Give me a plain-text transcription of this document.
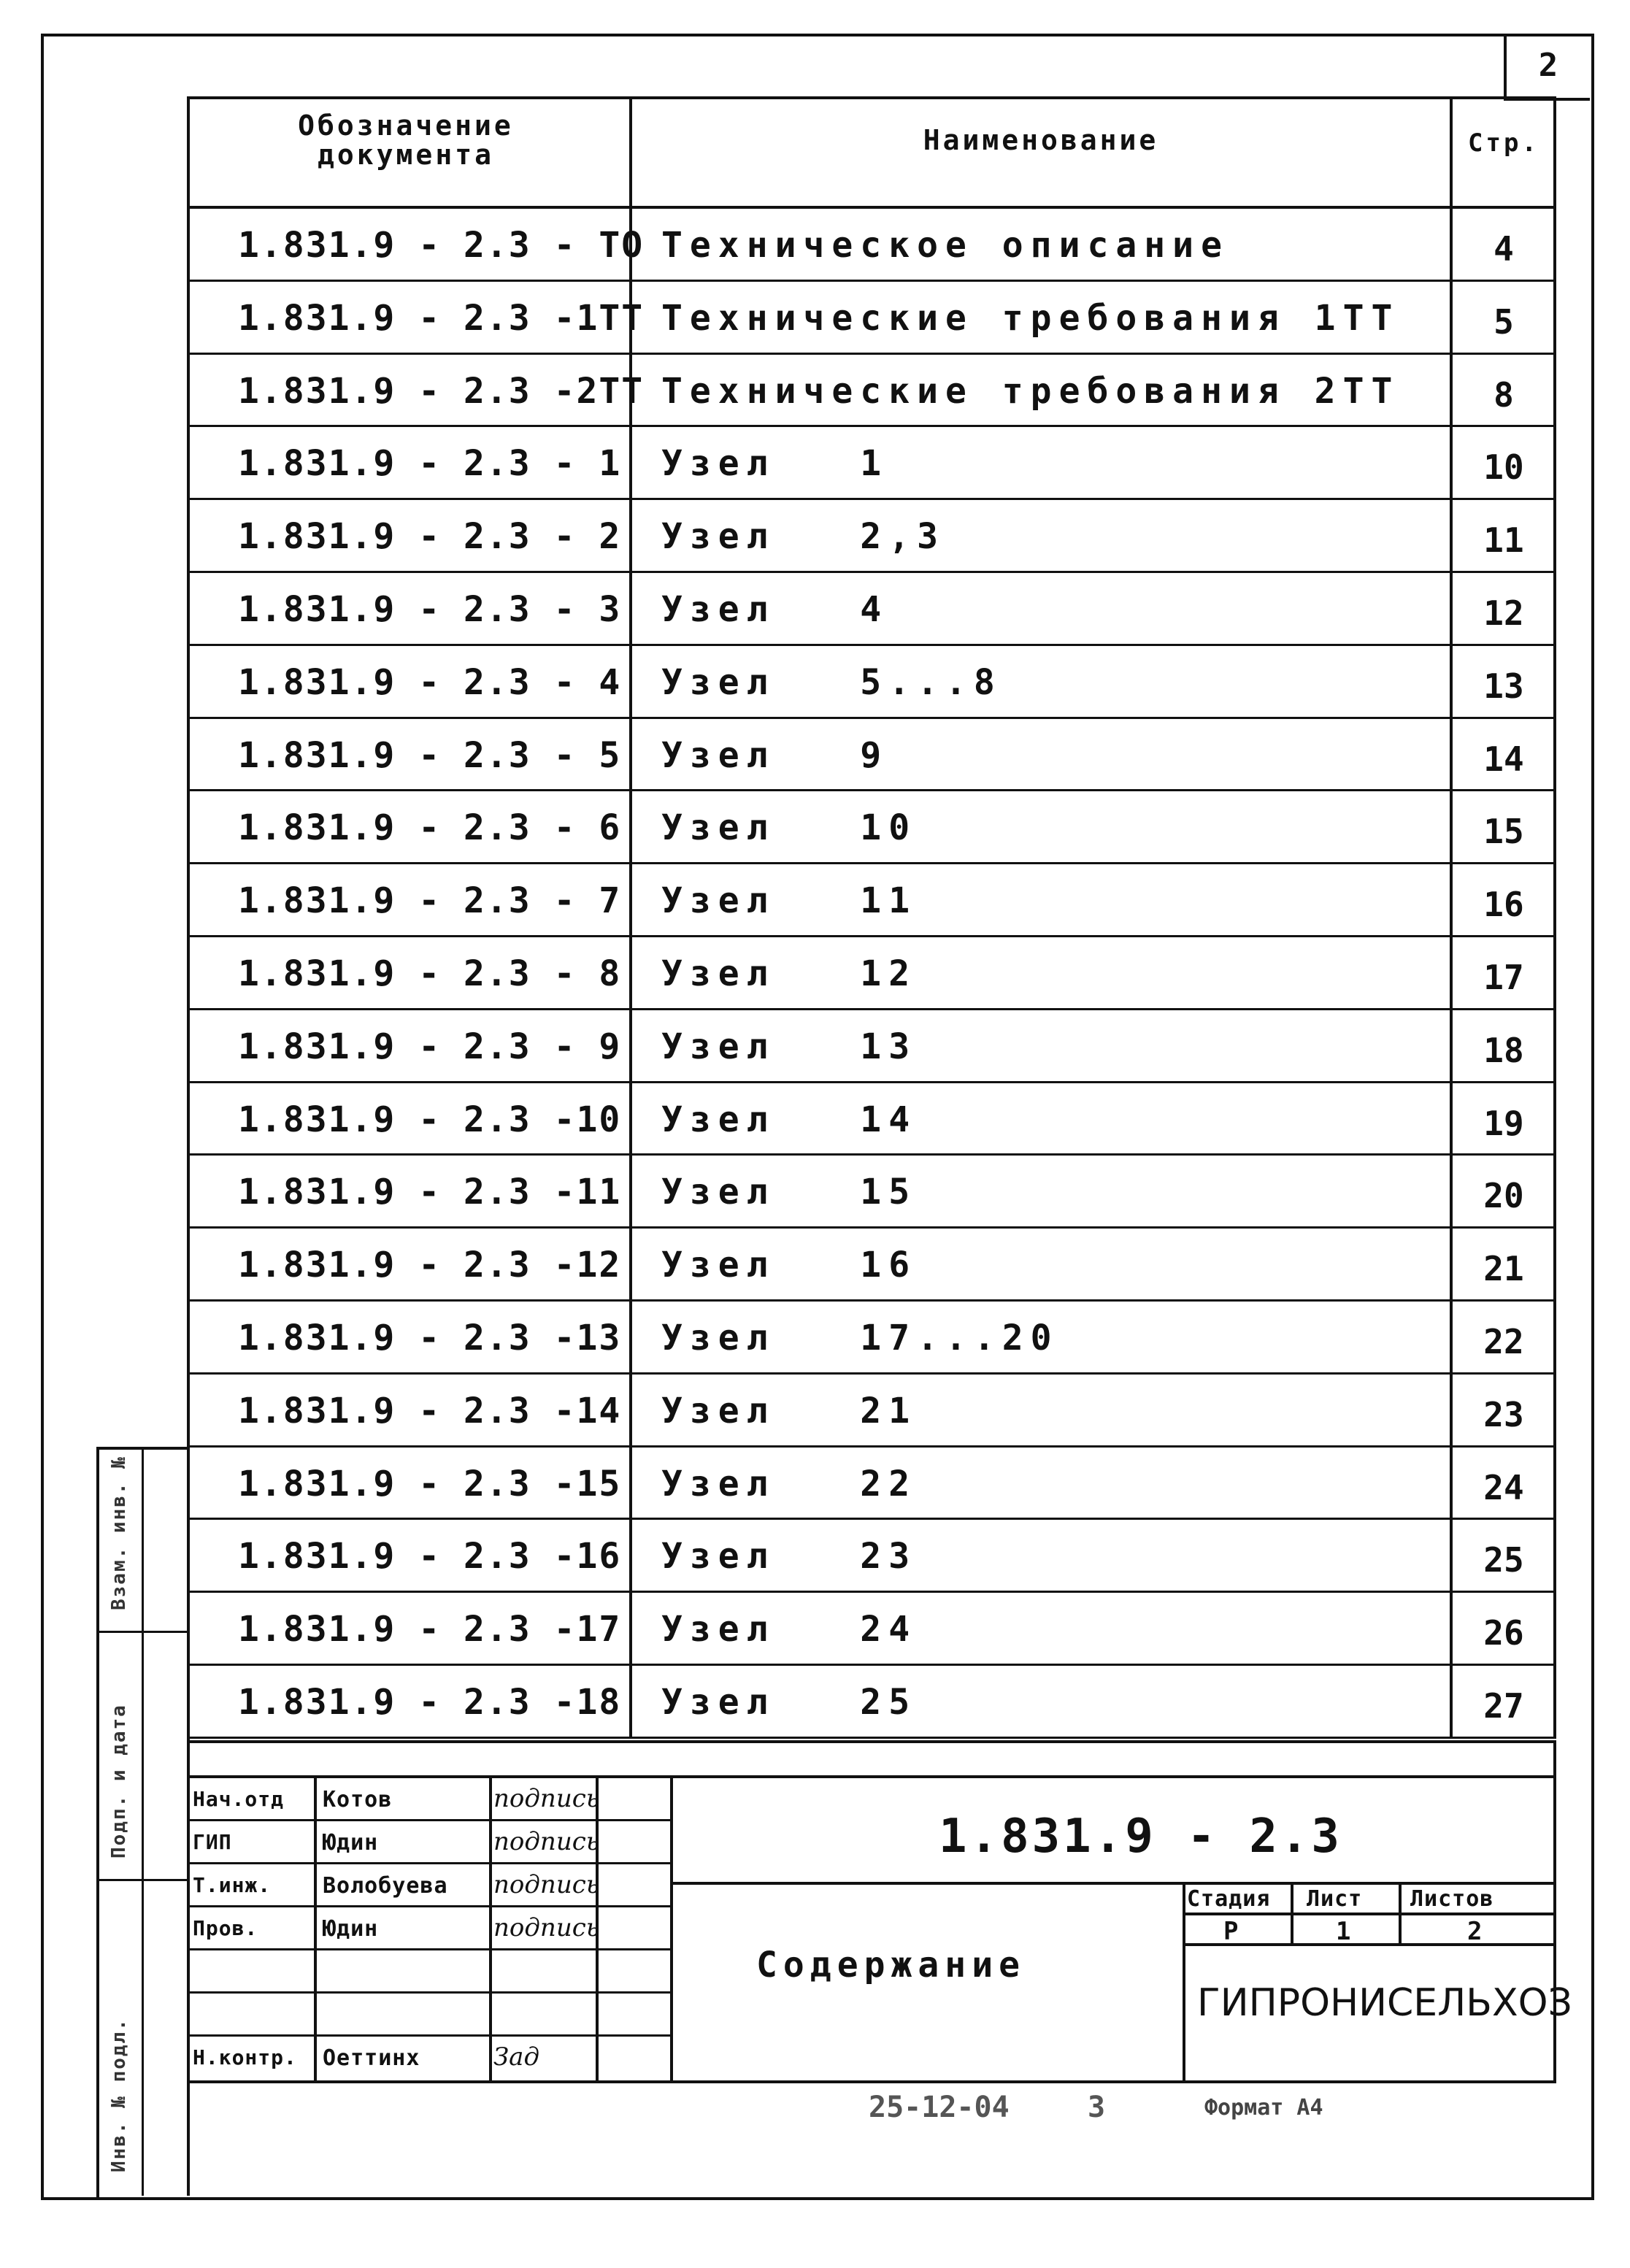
2
Обозначение документа	Наименование	Стр.
1.831.9 - 2.3 - ТО Техническое описание	4
1.831.9 - 2.3 -1ТТ Технические требования 1ТТ	5
1.831.9 - 2.3 -2ТТ Технические требования 2ТТ	8
1.831.9 - 2.3 - 1 Узел   1	10
1.831.9 - 2.3 - 2 Узел   2,3	11
1.831.9 - 2.3 - 3 Узел   4	12
1.831.9 - 2.3 - 4 Узел   5...8	13
1.831.9 - 2.3 - 5 Узел   9	14
1.831.9 - 2.3 - 6 Узел   10	15
1.831.9 - 2.3 - 7 Узел   11	16
1.831.9 - 2.3 - 8 Узел   12	17
1.831.9 - 2.3 - 9 Узел   13	18
1.831.9 - 2.3 -10 Узел   14	19
1.831.9 - 2.3 -11 Узел   15	20
1.831.9 - 2.3 -12 Узел   16	21
1.831.9 - 2.3 -13 Узел   17...20	22
1.831.9 - 2.3 -14 Узел   21	23
1.831.9 - 2.3 -15 Узел   22	24
1.831.9 - 2.3 -16 Узел   23	25
1.831.9 - 2.3 -17 Узел   24	26
1.831.9 - 2.3 -18 Узел   25	27
Нач.отд Котов	подпись
ГИП	Юдин	подпись
Т.инж. Волобуева подпись
Пров.	Юдин	подпись
Н.контр. Оеттинх	Зад
1.831.9 - 2.3
Содержание
Стадия Лист Листов
Р	1	2
ГИПРОНИСЕЛЬХОЗ
25-12-04	3	Формат А4
Взам. инв. №
Подп. и дата
Инв. № подл.
